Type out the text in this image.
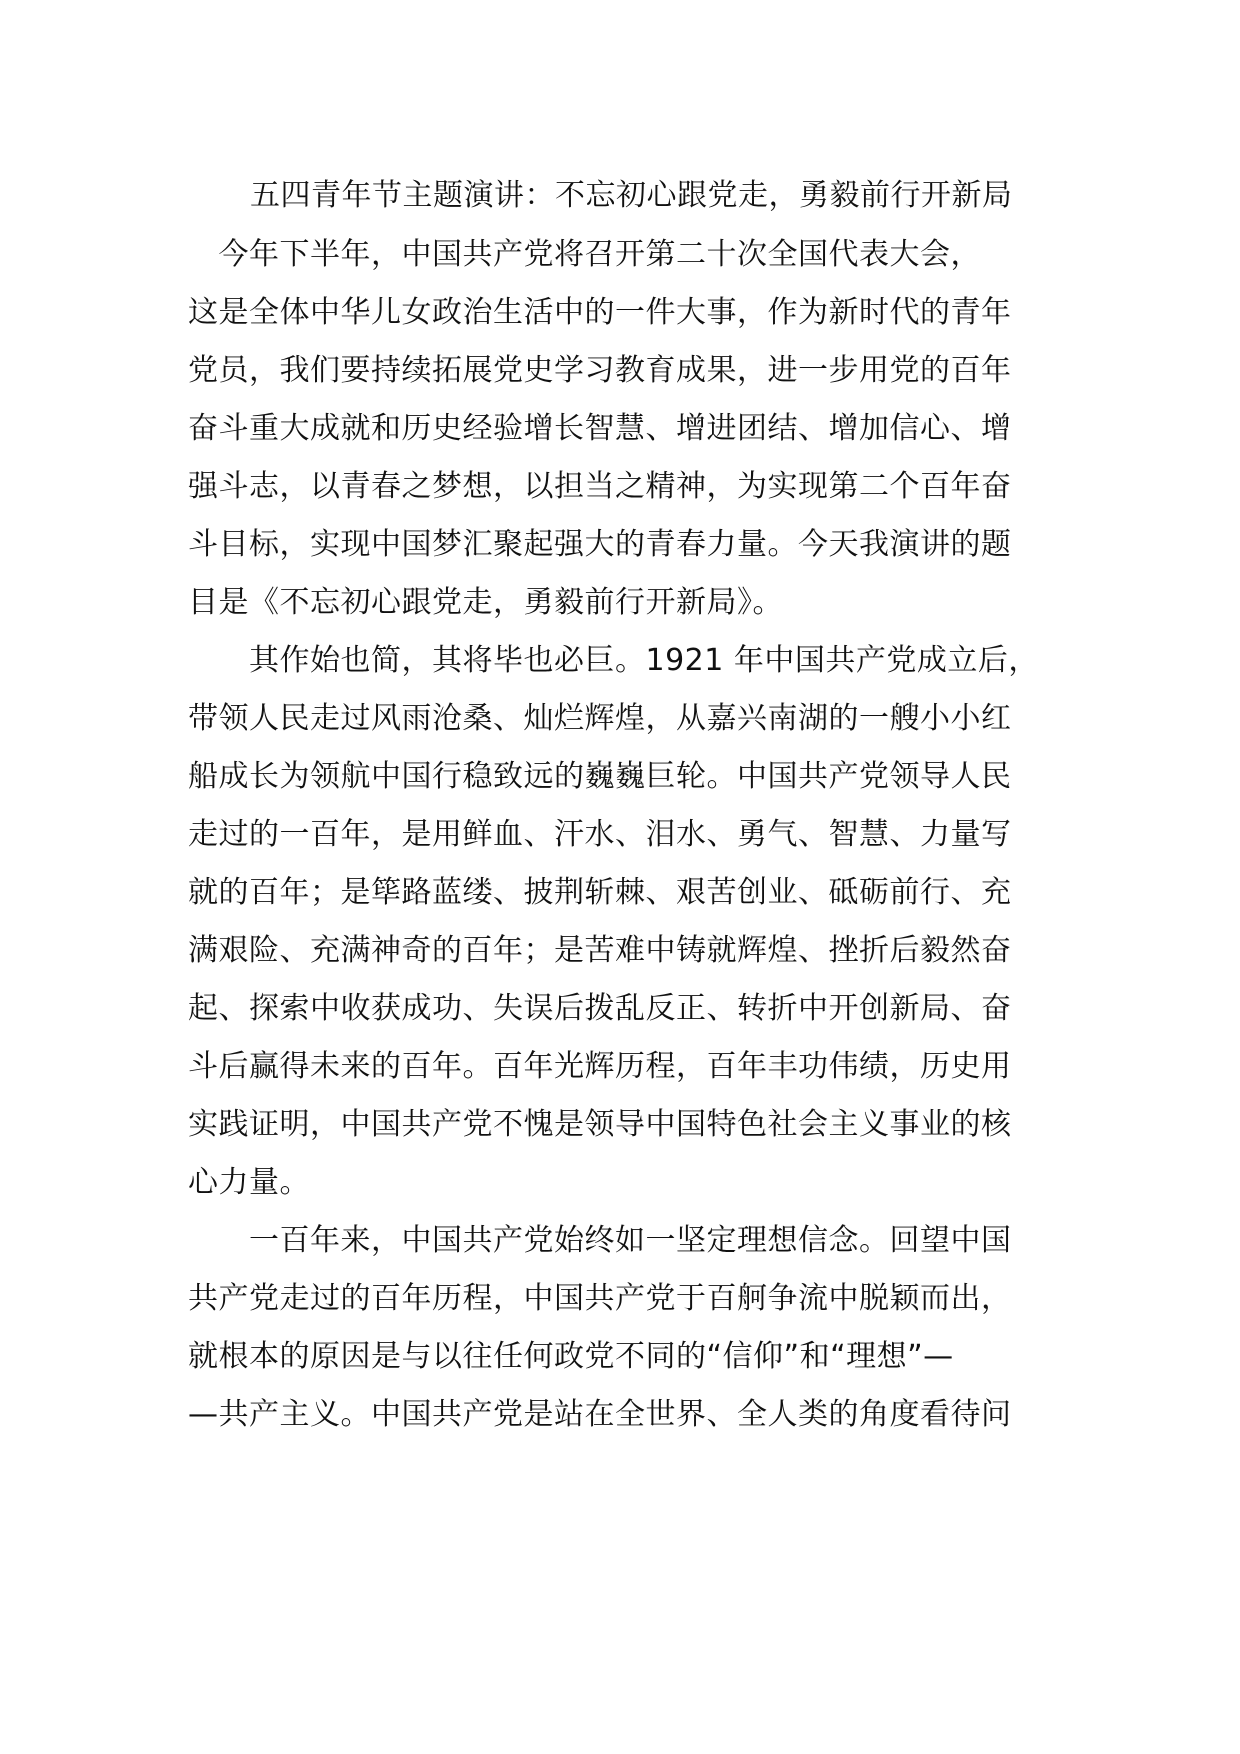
五四青年节主题演讲：不忘初心跟党走，勇毅前行开新局
　今年下半年，中国共产党将召开第二十次全国代表大会，
这是全体中华儿女政治生活中的一件大事，作为新时代的青年
党员，我们要持续拓展党史学习教育成果，进一步用党的百年
奋斗重大成就和历史经验增长智慧、增进团结、增加信心、增
强斗志，以青春之梦想，以担当之精神，为实现第二个百年奋
斗目标，实现中国梦汇聚起强大的青春力量。今天我演讲的题
目是《不忘初心跟党走，勇毅前行开新局》。
　　其作始也简，其将毕也必巨。1921 年中国共产党成立后，
带领人民走过风雨沧桑、灿烂辉煌，从嘉兴南湖的一艘小小红
船成长为领航中国行稳致远的巍巍巨轮。中国共产党领导人民
走过的一百年，是用鲜血、汗水、泪水、勇气、智慧、力量写
就的百年；是筚路蓝缕、披荆斩棘、艰苦创业、砥砺前行、充
满艰险、充满神奇的百年；是苦难中铸就辉煌、挫折后毅然奋
起、探索中收获成功、失误后拨乱反正、转折中开创新局、奋
斗后赢得未来的百年。百年光辉历程，百年丰功伟绩，历史用
实践证明，中国共产党不愧是领导中国特色社会主义事业的核
心力量。
　　一百年来，中国共产党始终如一坚定理想信念。回望中国
共产党走过的百年历程，中国共产党于百舸争流中脱颖而出，
就根本的原因是与以往任何政党不同的“信仰”和“理想”—
—共产主义。中国共产党是站在全世界、全人类的角度看待问
